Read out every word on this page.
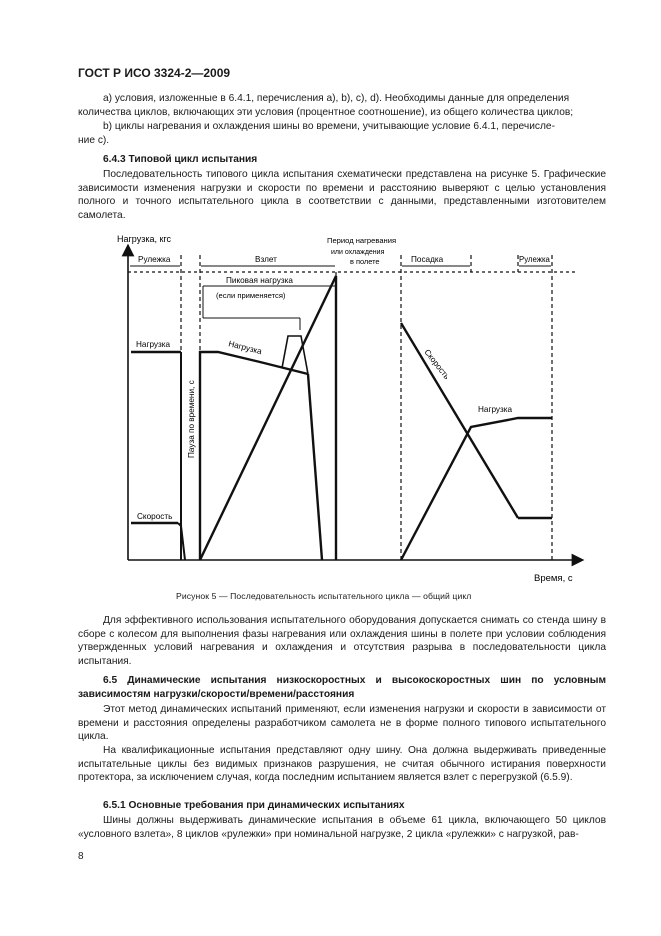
ГОСТ Р ИСО 3324-2—2009

а) условия, изложенные в 6.4.1, перечисления а), b), c), d). Необходимы данные для определения

количества циклов, включающих эти условия (процентное соотношение), из общего количества циклов;

b) циклы нагревания и охлаждения шины во времени, учитывающие условие 6.4.1, перечисле-

ние с).

6.4.3 Типовой цикл испытания

Последовательность типового цикла испытания схематически представлена на рисунке 5. Графические зависимости изменения нагрузки и скорости по времени и расстоянию выверяют с целью установления полного и точного испытательного цикла в соответствии с данными, представленными изготовителем самолета.

Нагрузка, кгс
Время, с
Рулежка	Взлет
Период нагревания
или охлаждения
в полете	Посадка	Рулежка
Пиковая нагрузка
(если применяется)
Нагрузка
Скорость
Пауза по времени, с
Нагрузка	Скорость
Нагрузка
Рисунок 5 — Последовательность испытательного цикла — общий цикл

Для эффективного использования испытательного оборудования допускается снимать со стенда шину в сборе с колесом для выполнения фазы нагревания или охлаждения шины в полете при условии соблюдения утвержденных условий нагревания и охлаждения и отсутствия разрыва в последовательности цикла испытания.

6.5 Динамические испытания низкоскоростных и высокоскоростных шин по условным зависимостям нагрузки/скорости/времени/расстояния

Этот метод динамических испытаний применяют, если изменения нагрузки и скорости в зависимости от времени и расстояния определены разработчиком самолета не в форме полного типового испытательного цикла.

На квалификационные испытания представляют одну шину. Она должна выдерживать приведенные испытательные циклы без видимых признаков разрушения, не считая обычного истирания поверхности протектора, за исключением случая, когда последним испытанием является взлет с перегрузкой (6.5.9).

6.5.1 Основные требования при динамических испытаниях

Шины должны выдерживать динамические испытания в объеме 61 цикла, включающего 50 циклов «условного взлета», 8 циклов «рулежки» при номинальной нагрузке, 2 цикла «рулежки» с нагрузкой, рав-

8
